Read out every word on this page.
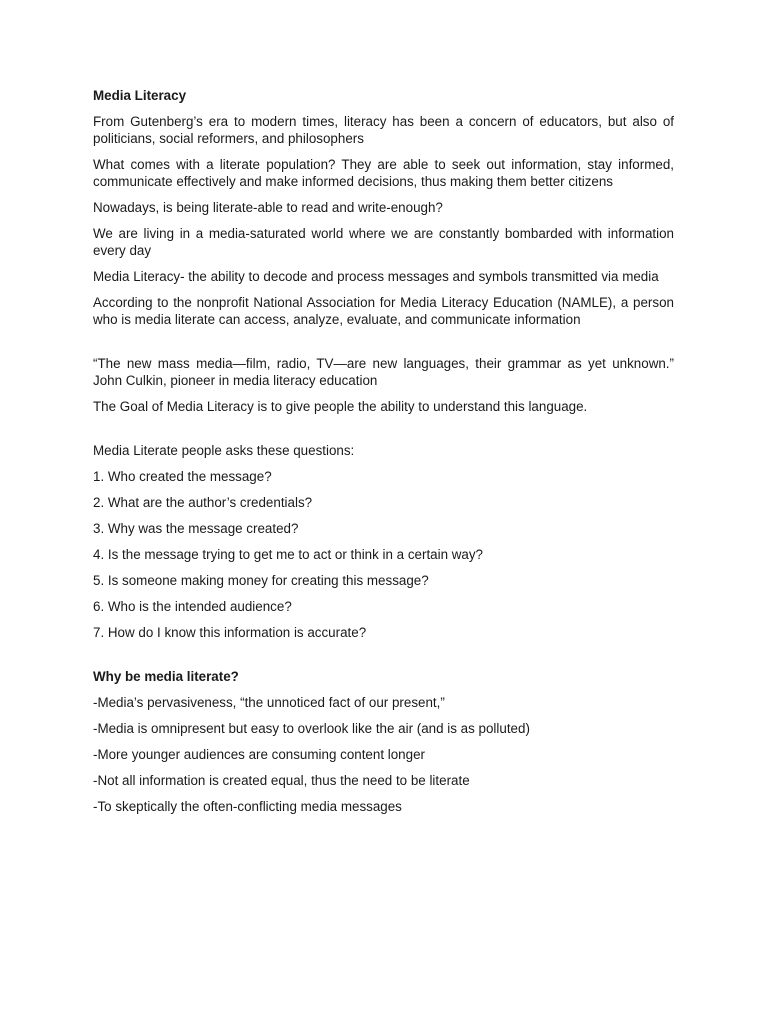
Media Literacy

From Gutenberg’s era to modern times, literacy has been a concern of educators, but also of politicians, social reformers, and philosophers

What comes with a literate population? They are able to seek out information, stay informed, communicate effectively and make informed decisions, thus making them better citizens

Nowadays, is being literate-able to read and write-enough?

We are living in a media-saturated world where we are constantly bombarded with information every day

Media Literacy- the ability to decode and process messages and symbols transmitted via media

According to the nonprofit National Association for Media Literacy Education (NAMLE), a person who is media literate can access, analyze, evaluate, and communicate information

“The new mass media—film, radio, TV—are new languages, their grammar as yet unknown.” John Culkin, pioneer in media literacy education

The Goal of Media Literacy is to give people the ability to understand this language.

Media Literate people asks these questions:

1. Who created the message?

2. What are the author’s credentials?

3. Why was the message created?

4. Is the message trying to get me to act or think in a certain way?

5. Is someone making money for creating this message?

6. Who is the intended audience?

7. How do I know this information is accurate?

Why be media literate?

-Media’s pervasiveness, “the unnoticed fact of our present,”

-Media is omnipresent but easy to overlook like the air (and is as polluted)

-More younger audiences are consuming content longer

-Not all information is created equal, thus the need to be literate

-To skeptically the often-conflicting media messages
